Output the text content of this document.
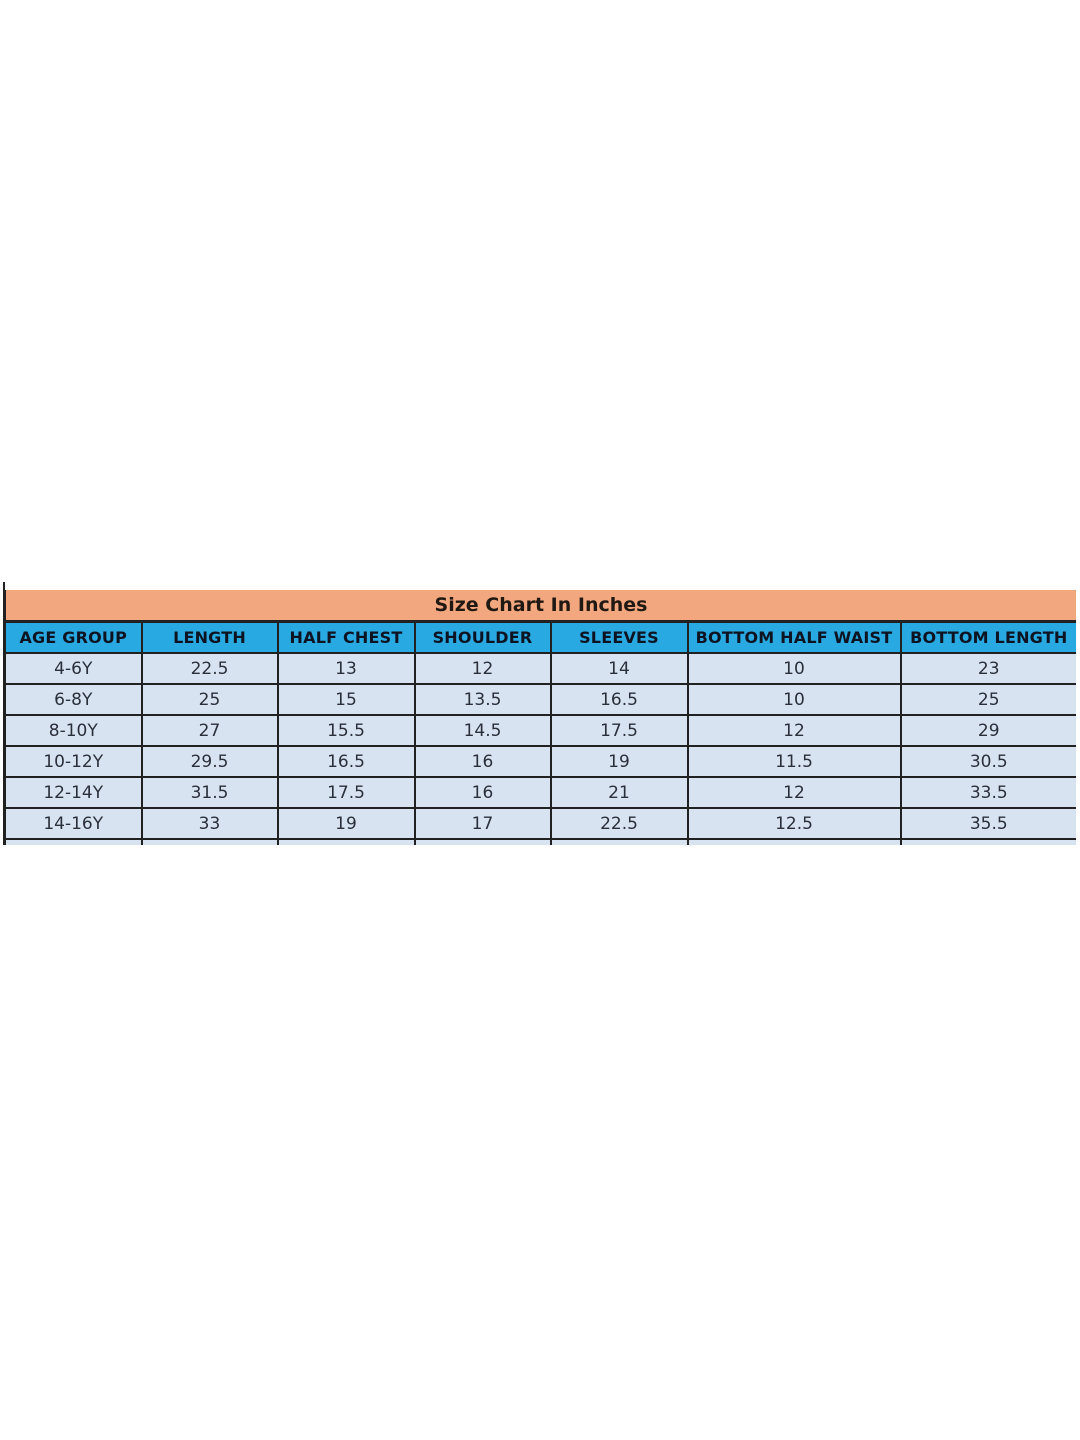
Size Chart In Inches						
AGE GROUP	LENGTH	HALF CHEST	SHOULDER	SLEEVES	BOTTOM HALF WAIST	BOTTOM LENGTH
4-6Y	22.5	13	12	14	10	23
6-8Y	25	15	13.5	16.5	10	25
8-10Y	27	15.5	14.5	17.5	12	29
10-12Y	29.5	16.5	16	19	11.5	30.5
12-14Y	31.5	17.5	16	21	12	33.5
14-16Y	33	19	17	22.5	12.5	35.5
